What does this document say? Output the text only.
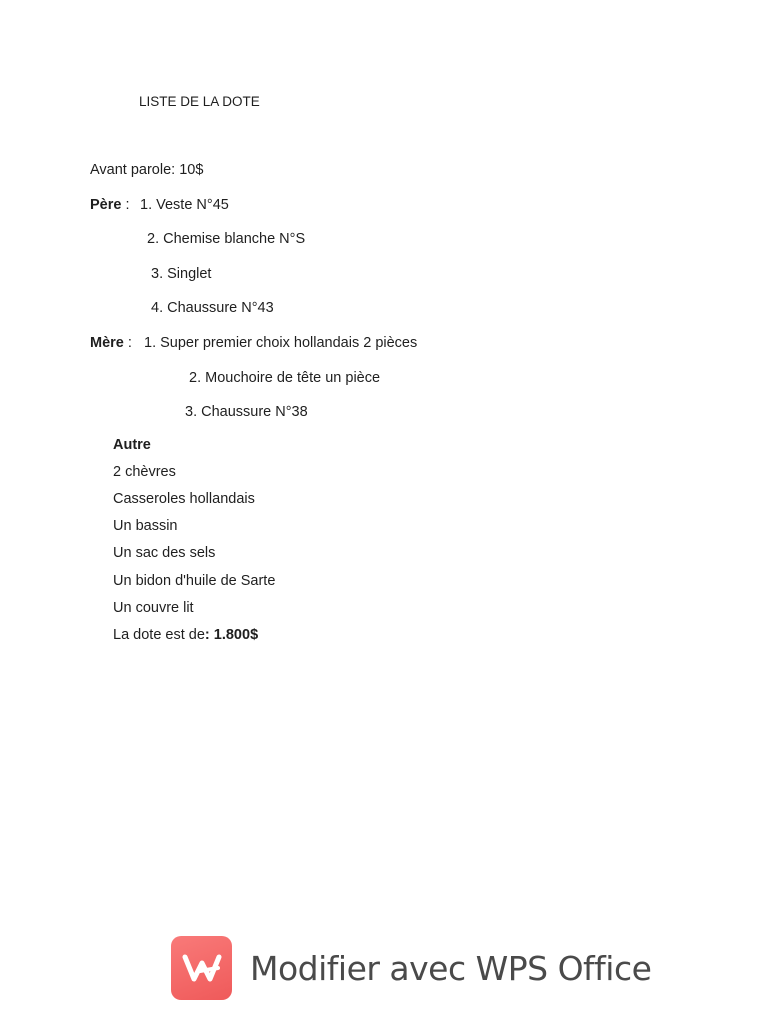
LISTE DE LA DOTE
Avant parole: 10$
Père : 1. Veste N°45
2. Chemise blanche N°S
3. Singlet
4. Chaussure N°43
Mère : 1. Super premier choix hollandais 2 pièces
2. Mouchoire de tête un pièce
3. Chaussure N°38
Autre
2 chèvres
Casseroles hollandais
Un bassin
Un sac des sels
Un bidon d'huile de Sarte
Un couvre lit
La dote est de: 1.800$
Modifier avec WPS Office
